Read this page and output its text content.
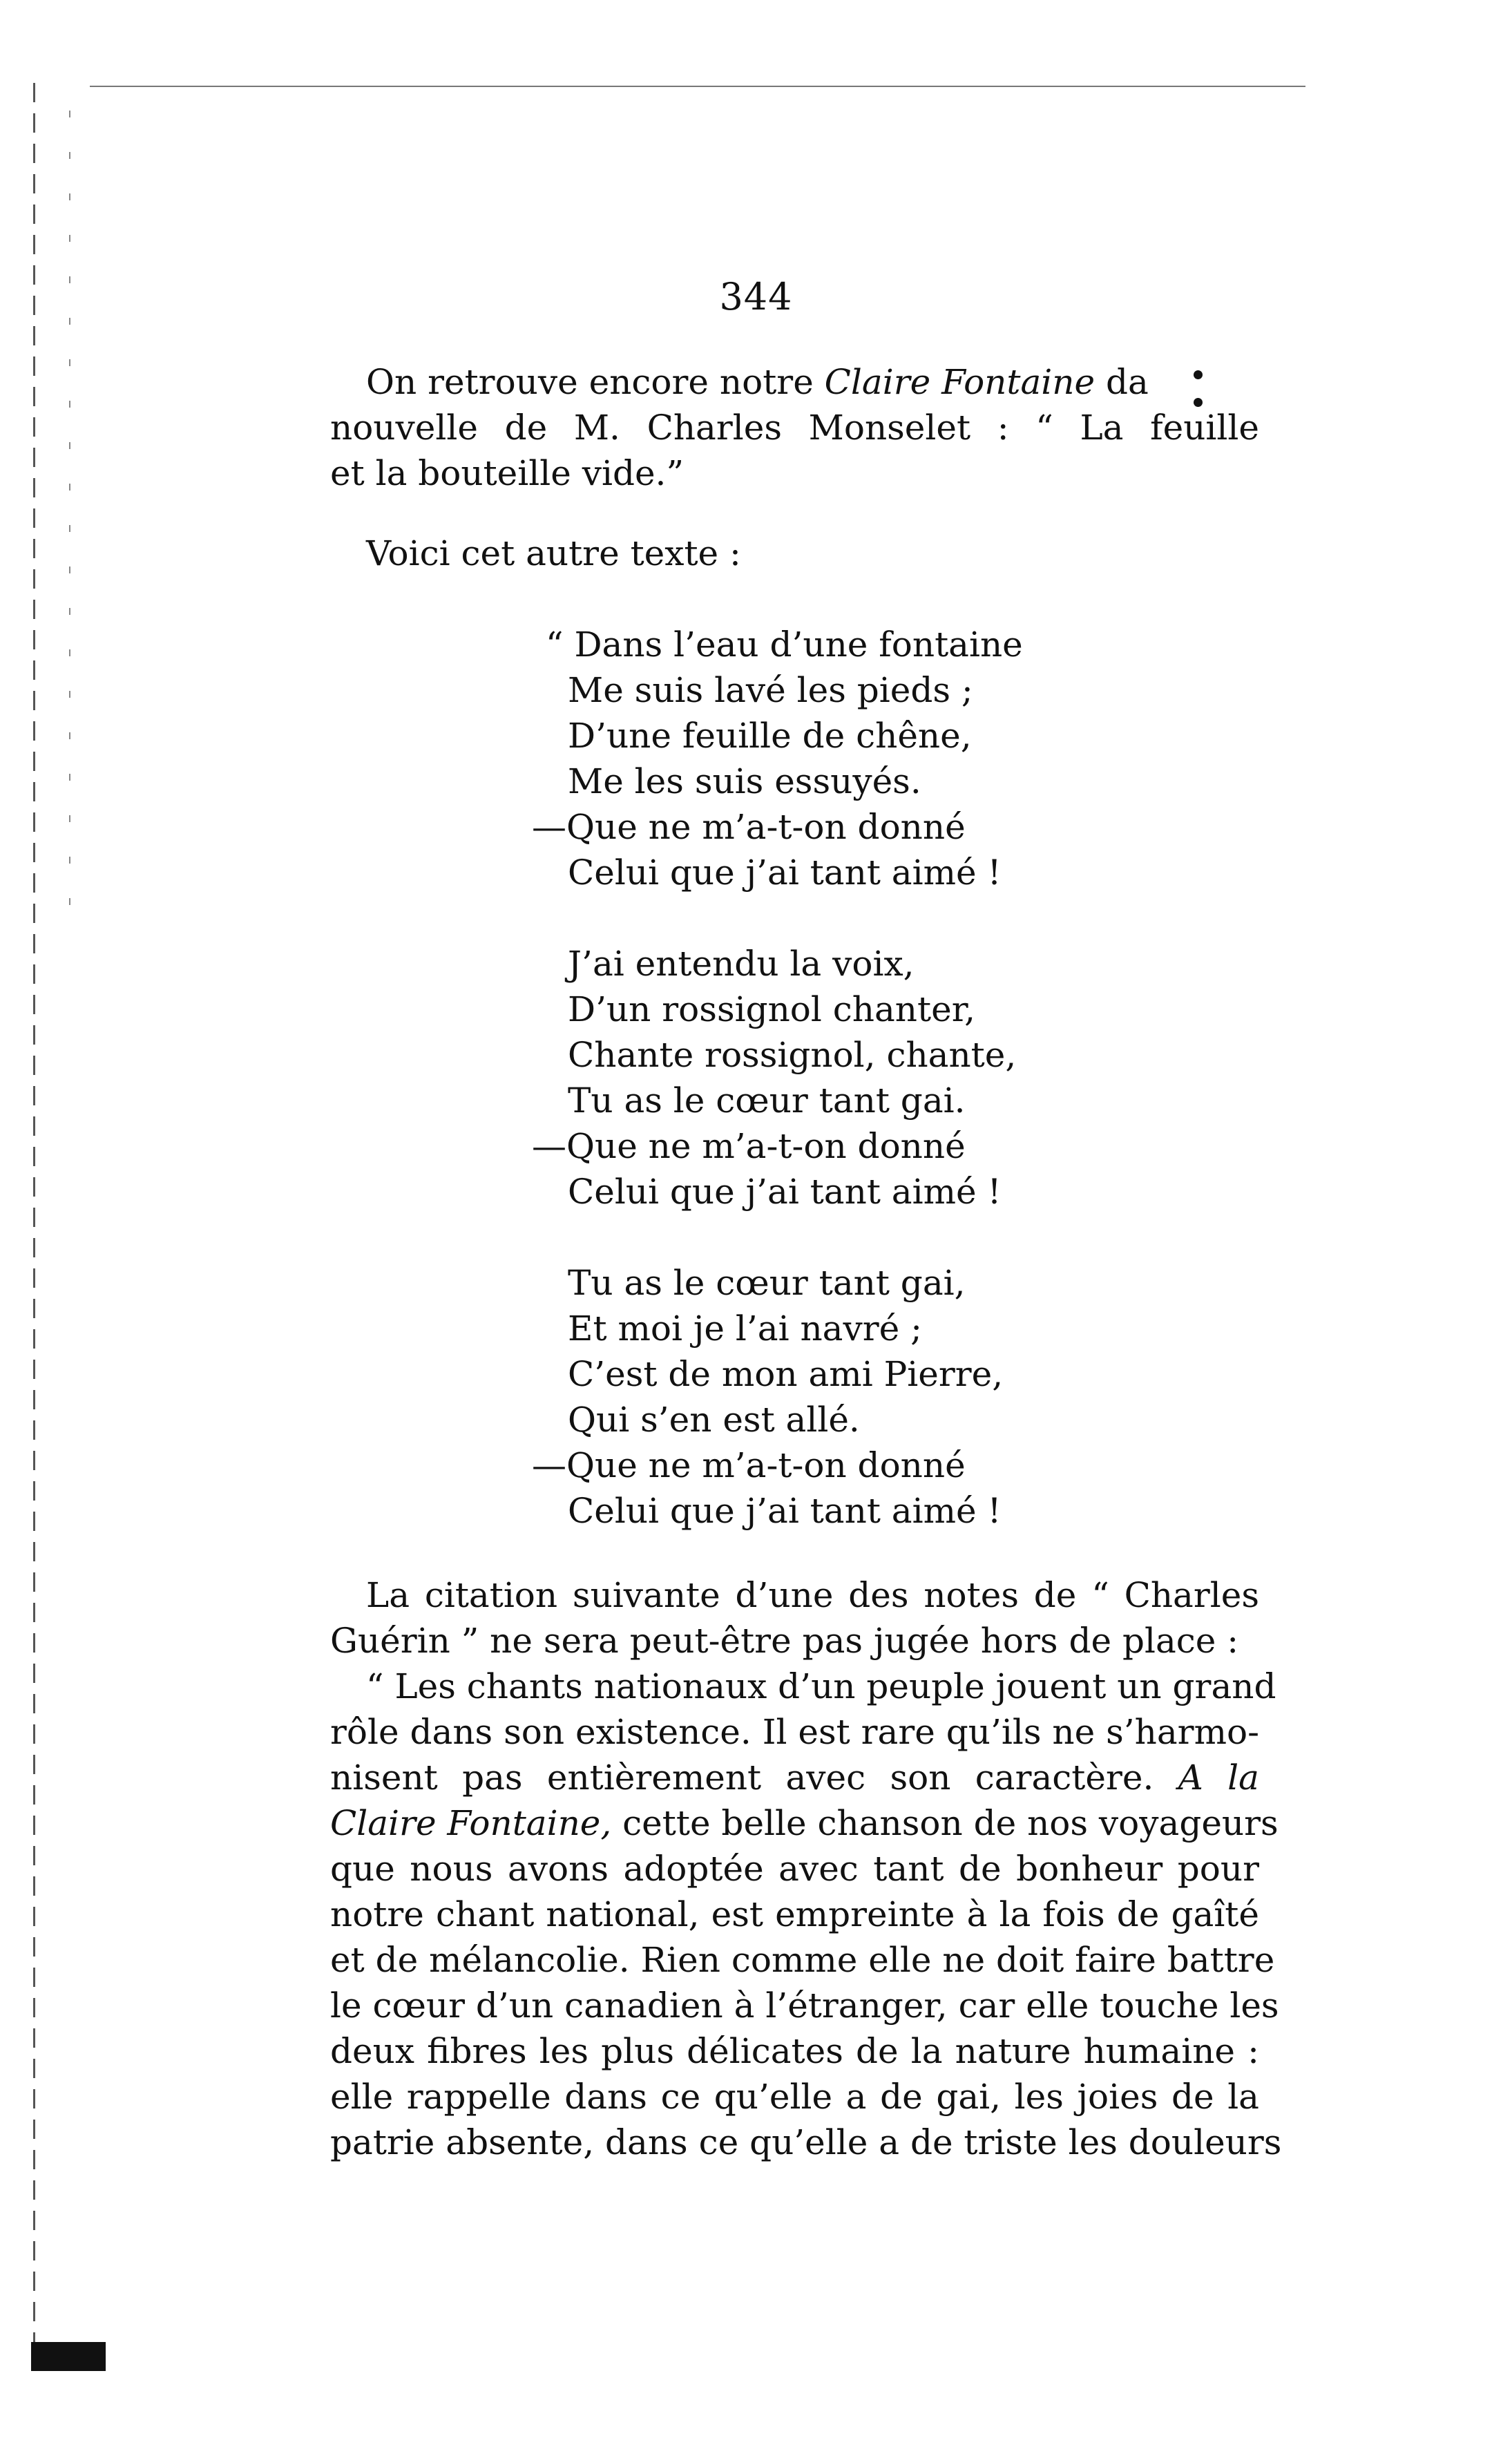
344
On retrouve encore notre Claire Fontaine da
nouvelle de M. Charles Monselet : “ La feuille
et la bouteille vide.”
Voici cet autre texte :
“ Dans l’eau d’une fontaine
Me suis lavé les pieds ;
D’une feuille de chêne,
Me les suis essuyés.
—Que ne m’a-t-on donné
Celui que j’ai tant aimé !
J’ai entendu la voix,
D’un rossignol chanter,
Chante rossignol, chante,
Tu as le cœur tant gai.
—Que ne m’a-t-on donné
Celui que j’ai tant aimé !
Tu as le cœur tant gai,
Et moi je l’ai navré ;
C’est de mon ami Pierre,
Qui s’en est allé.
—Que ne m’a-t-on donné
Celui que j’ai tant aimé !
La citation suivante d’une des notes de “ Charles
Guérin ” ne sera peut-être pas jugée hors de place :
“ Les chants nationaux d’un peuple jouent un grand
rôle dans son existence. Il est rare qu’ils ne s’harmo-
nisent pas entièrement avec son caractère. A la
Claire Fontaine, cette belle chanson de nos voyageurs
que nous avons adoptée avec tant de bonheur pour
notre chant national, est empreinte à la fois de gaîté
et de mélancolie. Rien comme elle ne doit faire battre
le cœur d’un canadien à l’étranger, car elle touche les
deux fibres les plus délicates de la nature humaine :
elle rappelle dans ce qu’elle a de gai, les joies de la
patrie absente, dans ce qu’elle a de triste les douleurs
